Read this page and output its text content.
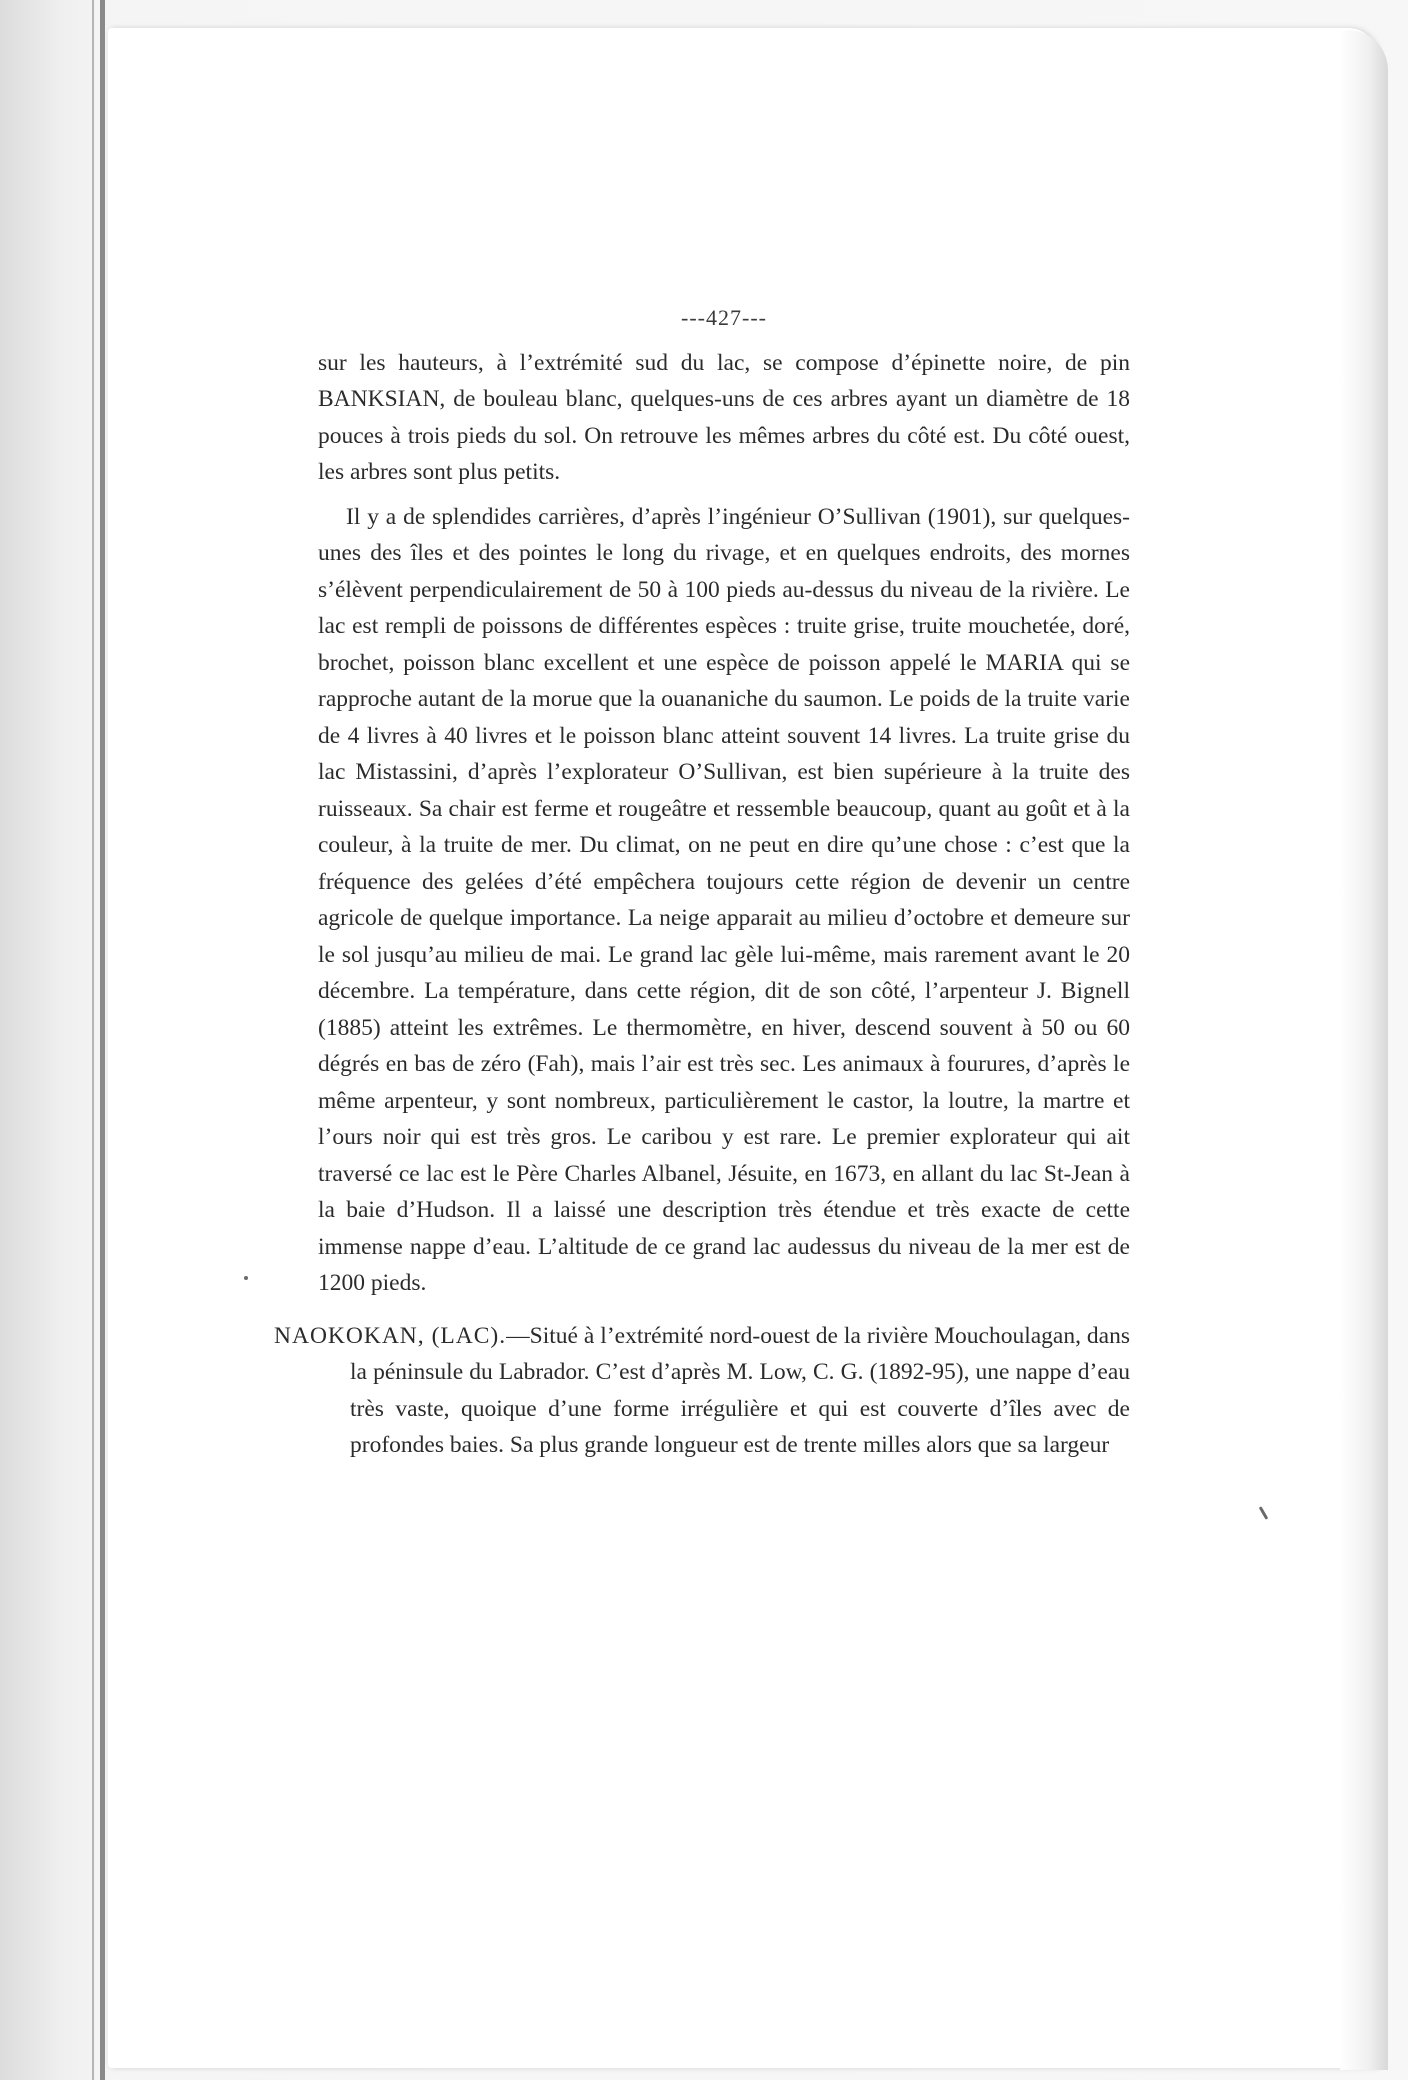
---427---

sur les hauteurs, à l’extrémité sud du lac, se compose d’épinette noire, de pin BANKSIAN, de bouleau blanc, quelques-uns de ces arbres ayant un diamètre de 18 pouces à trois pieds du sol. On retrouve les mêmes arbres du côté est. Du côté ouest, les arbres sont plus petits.

Il y a de splendides carrières, d’après l’ingénieur O’Sullivan (1901), sur quelques-unes des îles et des pointes le long du rivage, et en quelques endroits, des mornes s’élèvent perpendiculairement de 50 à 100 pieds au-dessus du niveau de la rivière. Le lac est rempli de poissons de différentes espèces : truite grise, truite mouchetée, doré, brochet, poisson blanc excellent et une espèce de poisson appelé le MARIA qui se rapproche autant de la morue que la ouananiche du saumon. Le poids de la truite varie de 4 livres à 40 livres et le poisson blanc atteint souvent 14 livres. La truite grise du lac Mistassini, d’après l’explorateur O’Sullivan, est bien supérieure à la truite des ruisseaux. Sa chair est ferme et rougeâtre et ressemble beaucoup, quant au goût et à la couleur, à la truite de mer. Du climat, on ne peut en dire qu’une chose : c’est que la fréquence des gelées d’été empêchera toujours cette région de devenir un centre agricole de quelque importance. La neige apparait au milieu d’octobre et demeure sur le sol jusqu’au milieu de mai. Le grand lac gèle lui-même, mais rarement avant le 20 décembre. La température, dans cette région, dit de son côté, l’arpenteur J. Bignell (1885) atteint les extrêmes. Le thermomètre, en hiver, descend souvent à 50 ou 60 dégrés en bas de zéro (Fah), mais l’air est très sec. Les animaux à fourures, d’après le même arpenteur, y sont nombreux, particulièrement le castor, la loutre, la martre et l’ours noir qui est très gros. Le caribou y est rare. Le premier explorateur qui ait traversé ce lac est le Père Charles Albanel, Jésuite, en 1673, en allant du lac St-Jean à la baie d’Hudson. Il a laissé une description très étendue et très exacte de cette immense nappe d’eau. L’altitude de ce grand lac audessus du niveau de la mer est de 1200 pieds.

NAOKOKAN, (LAC).—Situé à l’extrémité nord-ouest de la rivière Mouchoulagan, dans la péninsule du Labrador. C’est d’après M. Low, C. G. (1892-95), une nappe d’eau très vaste, quoique d’une forme irrégulière et qui est couverte d’îles avec de profondes baies. Sa plus grande longueur est de trente milles alors que sa largeur
